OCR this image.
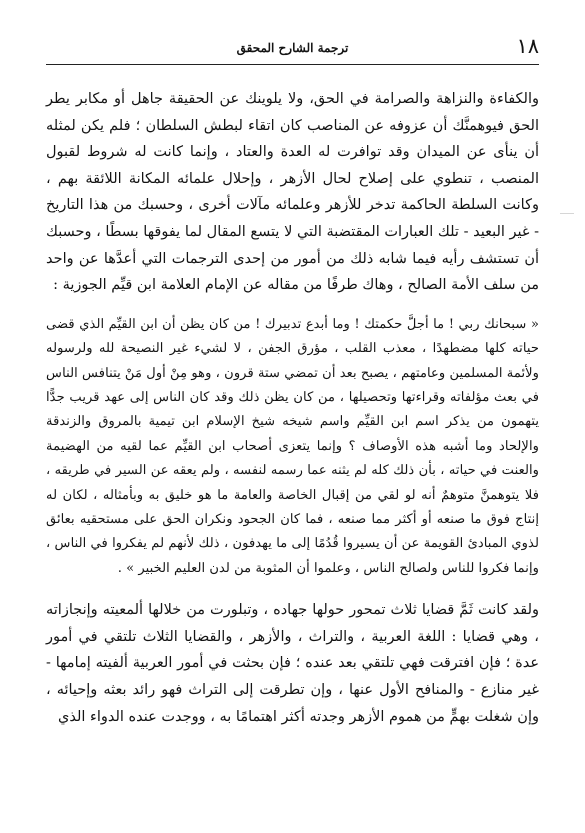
١٨
ترجمة الشارح المحقق

والكفاءة والنزاهة والصرامة في الحق، ولا يلوينك عن الحقيقة جاهل أو مكابر يطر الحق فيوهمنَّك أن عزوفه عن المناصب كان اتقاء لبطش السلطان ؛ فلم يكن لمثله أن ينأى عن الميدان وقد توافرت له العدة والعتاد ، وإنما كانت له شروط لقبول المنصب ، تنطوي على إصلاح لحال الأزهر ، وإحلال علمائه المكانة اللائقة بهم ، وكانت السلطة الحاكمة تدخر للأزهر وعلمائه مآلات أخرى ، وحسبك من هذا التاريخ - غير البعيد - تلك العبارات المقتضبة التي لا يتسع المقال لما يفوقها بسطًا ، وحسبك أن تستشف رأيه فيما شابه ذلك من أمور من إحدى الترجمات التي أعدَّها عن واحد من سلف الأمة الصالح ، وهاك طرفًا من مقاله عن الإمام العلامة ابن قيِّم الجوزية :

« سبحانك ربي ! ما أجلَّ حكمتك ! وما أبدع تدبيرك ! من كان يظن أن ابن القيِّم الذي قضى حياته كلها مضطهدًا ، معذب القلب ، مؤرق الجفن ، لا لشيء غير النصيحة لله ولرسوله ولأئمة المسلمين وعامتهم ، يصبح بعد أن تمضي ستة قرون ، وهو مِنْ أول مَنْ يتنافس الناس في بعث مؤلفاته وقراءتها وتحصيلها ، من كان يظن ذلك وقد كان الناس إلى عهد قريب جدًّا يتهمون من يذكر اسم ابن القيِّم واسم شيخه شيخ الإسلام ابن تيمية بالمروق والزندقة والإلحاد وما أشبه هذه الأوصاف ؟ وإنما يتعزى أصحاب ابن القيِّم عما لقيه من الهضيمة والعنت في حياته ، بأن ذلك كله لم يثنه عما رسمه لنفسه ، ولم يعقه عن السير في طريقه ، فلا يتوهمنَّ متوهمٌ أنه لو لقي من إقبال الخاصة والعامة ما هو خليق به وبأمثاله ، لكان له إنتاج فوق ما صنعه أو أكثر مما صنعه ، فما كان الجحود ونكران الحق على مستحقيه بعائق لذوي المبادئ القويمة عن أن يسيروا قُدُمًا إلى ما يهدفون ، ذلك لأنهم لم يفكروا في الناس ، وإنما فكروا للناس ولصالح الناس ، وعلموا أن المثوبة من لدن العليم الخبير » .

ولقد كانت ثَمَّ قضايا ثلاث تمحور حولها جهاده ، وتبلورت من خلالها ألمعيته وإنجازاته ، وهي قضايا : اللغة العربية ، والتراث ، والأزهر ، والقضايا الثلاث تلتقي في أمور عدة ؛ فإن افترقت فهي تلتقي بعد عنده ؛ فإن بحثت في أمور العربية ألفيته إمامها - غير منازع - والمنافح الأول عنها ، وإن تطرقت إلى التراث فهو رائد بعثه وإحيائه ، وإن شغلت بهمٍّ من هموم الأزهر وجدته أكثر اهتمامًا به ، ووجدت عنده الدواء الذي
